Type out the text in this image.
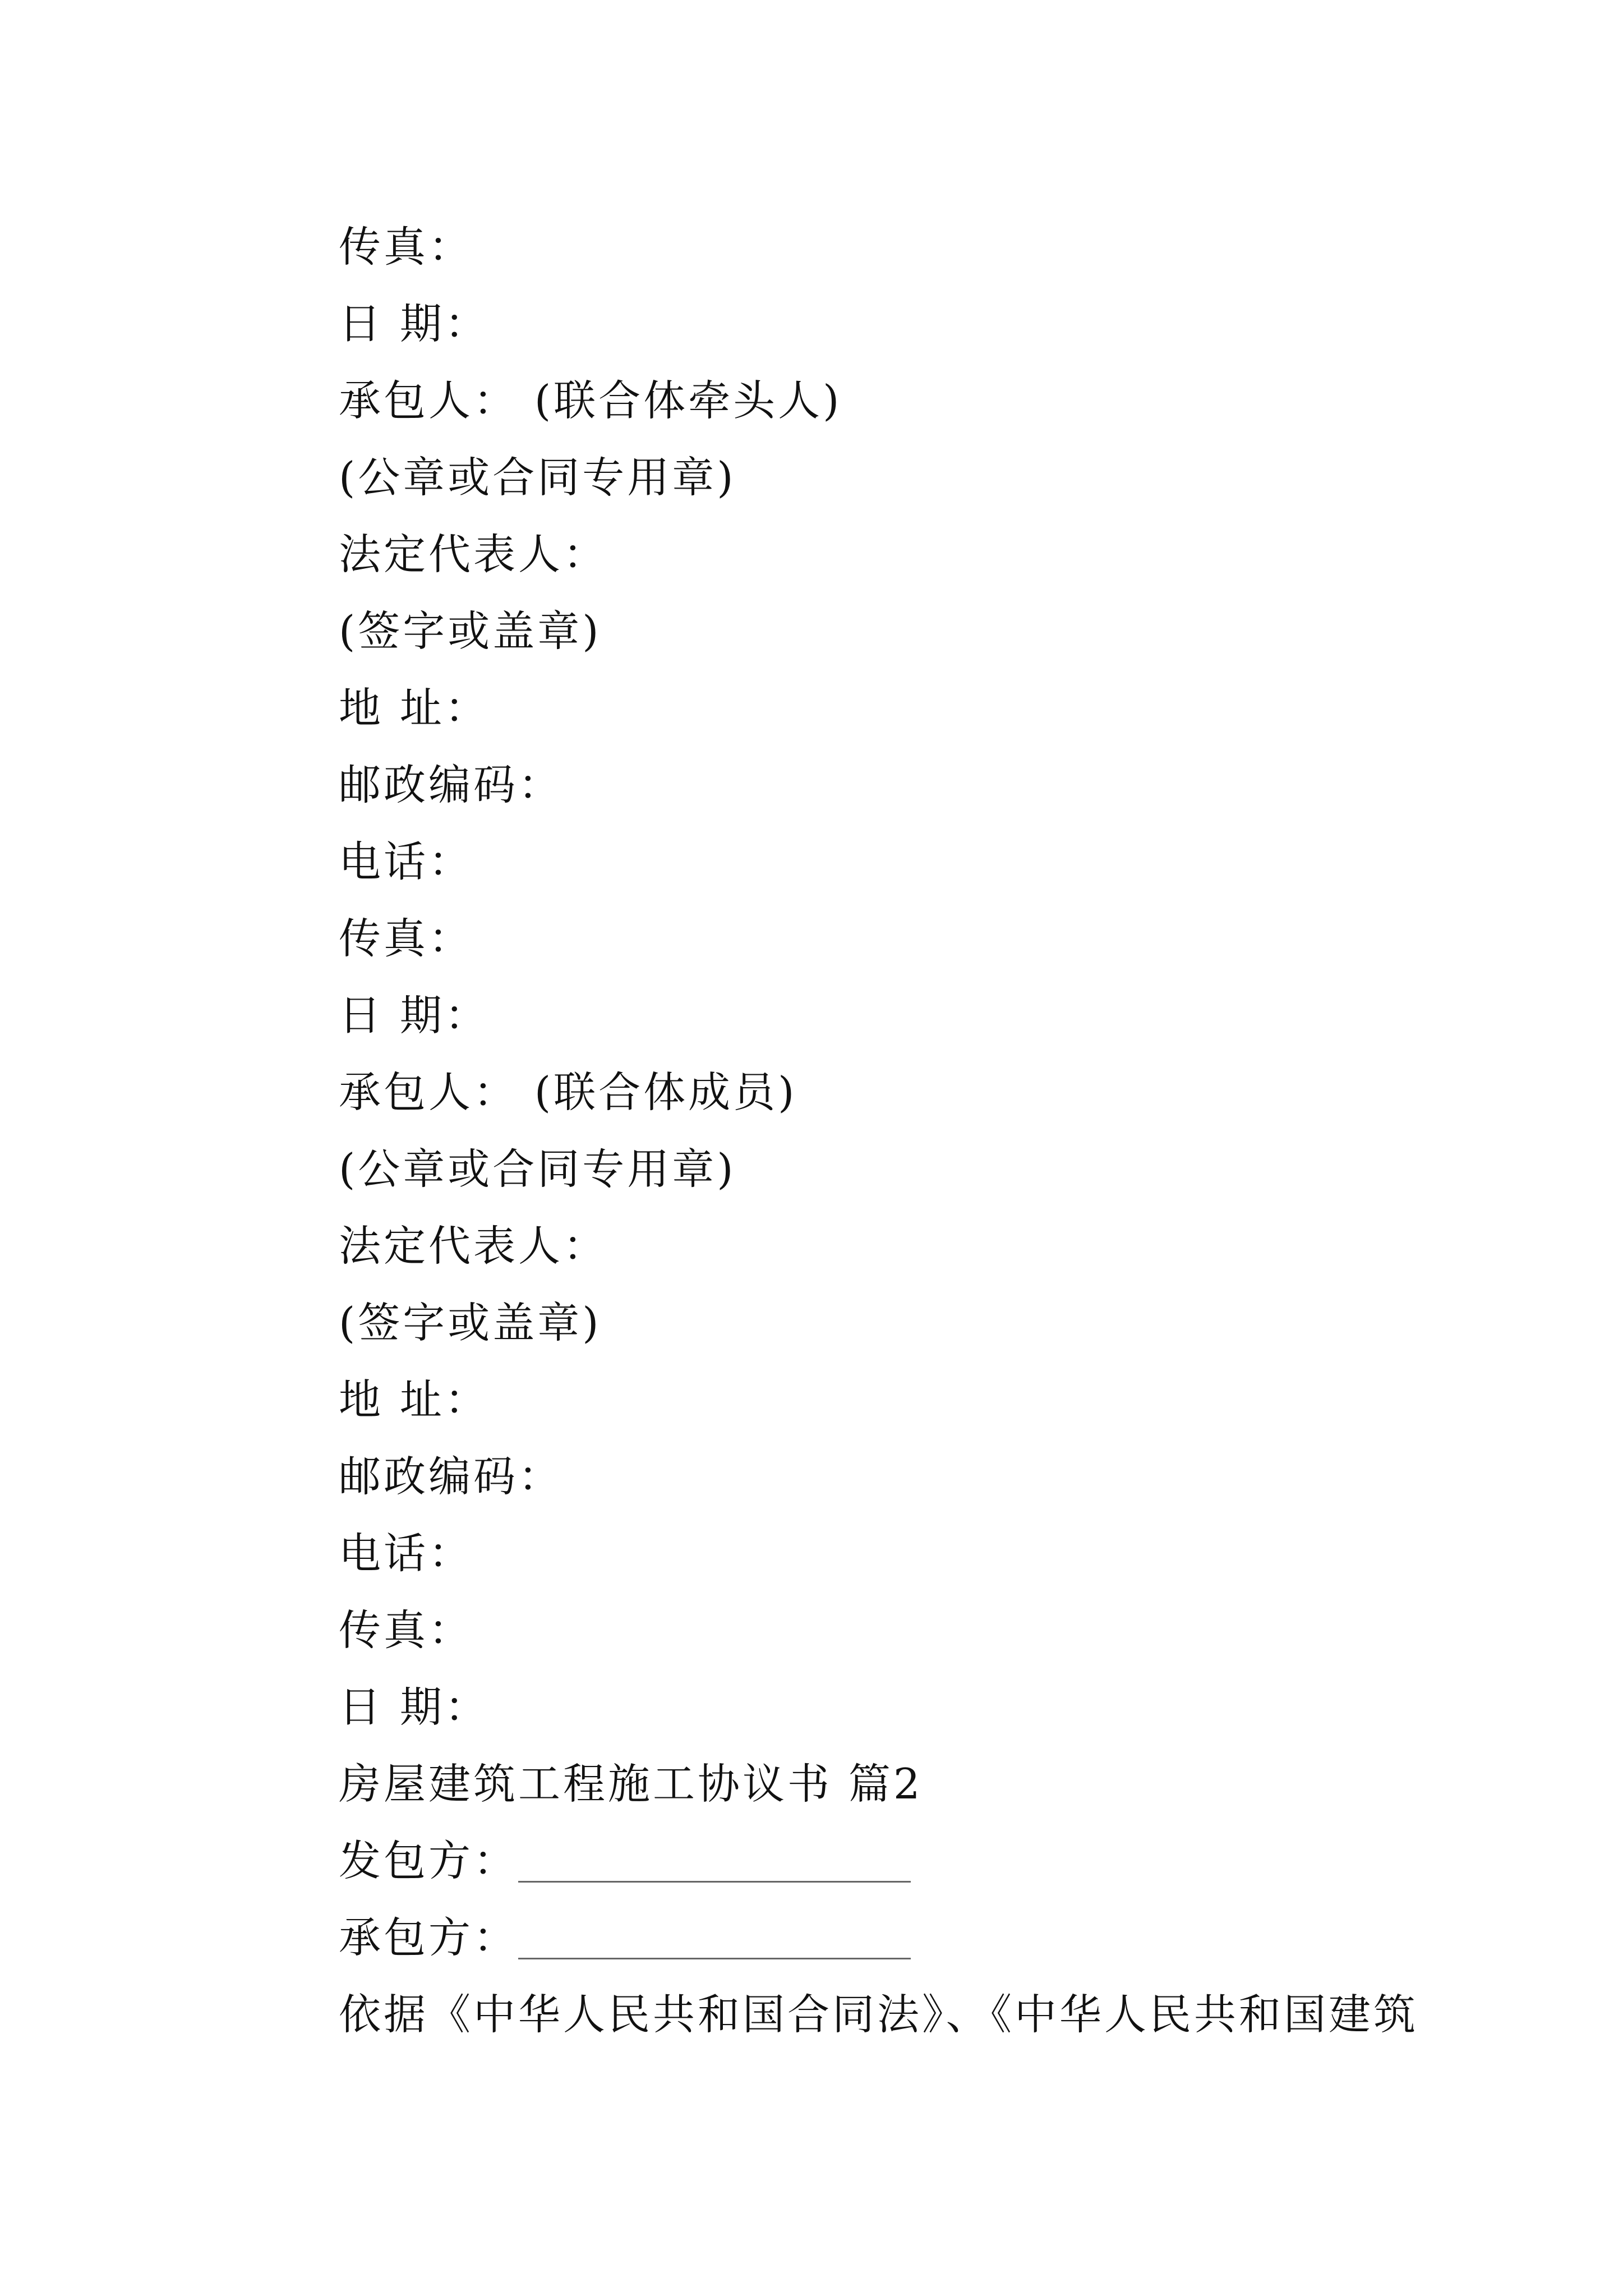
传真：
日 期：
承包人： (联合体牵头人)
(公章或合同专用章)
法定代表人：
(签字或盖章)
地 址：
邮政编码：
电话：
传真：
日 期：
承包人： (联合体成员)
(公章或合同专用章)
法定代表人：
(签字或盖章)
地 址：
邮政编码：
电话：
传真：
日 期：
房屋建筑工程施工协议书 篇2
发包方：
承包方：
依据《中华人民共和国合同法》、《中华人民共和国建筑
